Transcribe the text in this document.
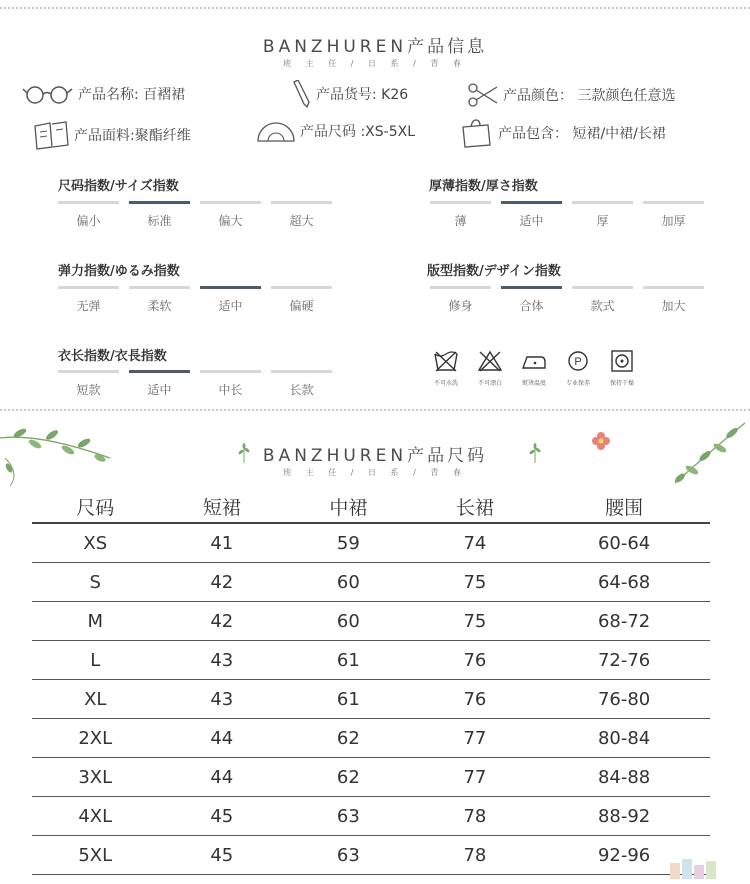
BANZHUREN产品信息
班 主 任 / 日 系 / 青 春
产品名称: 百褶裙	产品货号: K26	产品颜色： 三款颜色任意选
产品面料:聚酯纤维	产品尺码 :XS-5XL	产品包含： 短裙/中裙/长裙
尺码指数/サイズ指数
偏小	标准	偏大	超大
厚薄指数/厚さ指数
薄	适中	厚	加厚
弹力指数/ゆるみ指数
无弹	柔软	适中	偏硬
版型指数/デザイン指数
修身	合体	款式	加大
衣长指数/衣長指数
短款	适中	中长	长款	不可水洗	不可漂白	熨烫温度
P
专业保养	保持干燥
BANZHUREN产品尺码
班 主 任 / 日 系 / 青 春
尺码	短裙	中裙	长裙	腰围
XS	41	59	74	60-64
S	42	60	75	64-68
M	42	60	75	68-72
L	43	61	76	72-76
XL	43	61	76	76-80
2XL	44	62	77	80-84
3XL	44	62	77	84-88
4XL	45	63	78	88-92
5XL	45	63	78	92-96
